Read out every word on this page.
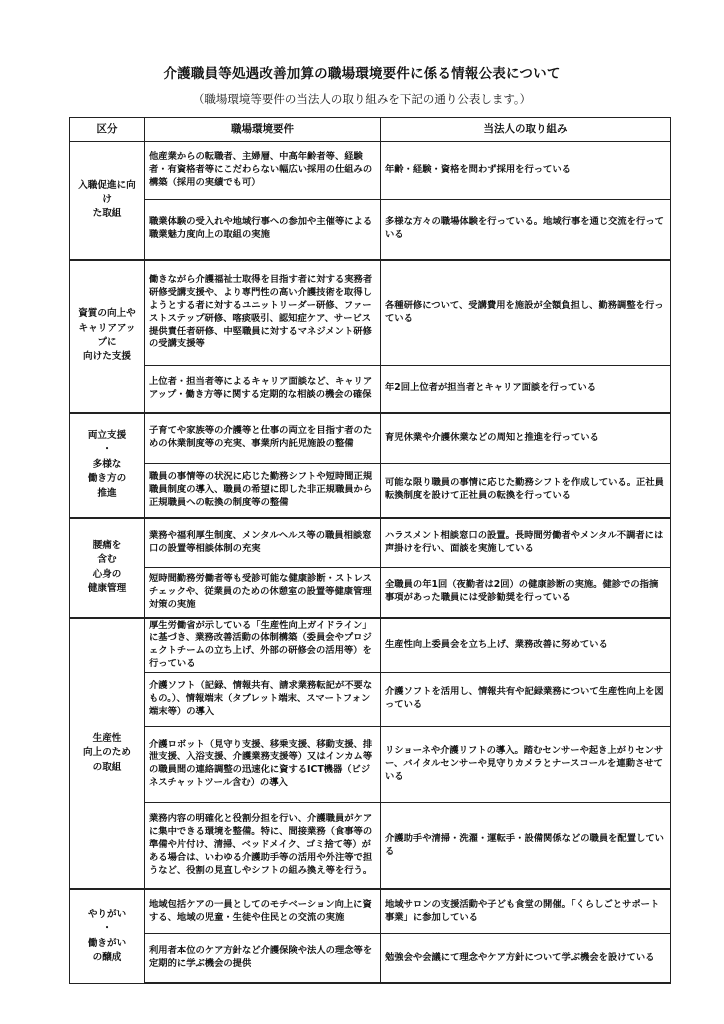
介護職員等処遇改善加算の職場環境要件に係る情報公表について
（職場環境等要件の当法人の取り組みを下記の通り公表します。）
区分	職場環境要件	当法人の取り組み

入職促進に向け
た取組	他産業からの転職者、主婦層、中高年齢者等、経験者・有資格者等にこだわらない幅広い採用の仕組みの構築（採用の実績でも可）	年齢・経験・資格を問わず採用を行っている
	職業体験の受入れや地域行事への参加や主催等による職業魅力度向上の取組の実施	多様な方々の職場体験を行っている。地域行事を通じ交流を行っている

資質の向上や
キャリアアップに
向けた支援	働きながら介護福祉士取得を目指す者に対する実務者研修受講支援や、より専門性の高い介護技術を取得しようとする者に対するユニットリーダー研修、ファーストステップ研修、喀痰吸引、認知症ケア、サービス提供責任者研修、中堅職員に対するマネジメント研修の受講支援等	各種研修について、受講費用を施設が全額負担し、勤務調整を行っている
	上位者・担当者等によるキャリア面談など、キャリアアップ・働き方等に関する定期的な相談の機会の確保	年2回上位者が担当者とキャリア面談を行っている

両立支援
・
多様な
働き方の
推進	子育てや家族等の介護等と仕事の両立を目指す者のための休業制度等の充実、事業所内託児施設の整備	育児休業や介護休業などの周知と推進を行っている
	職員の事情等の状況に応じた勤務シフトや短時間正規職員制度の導入、職員の希望に即した非正規職員から正規職員への転換の制度等の整備	可能な限り職員の事情に応じた勤務シフトを作成している。正社員転換制度を設けて正社員の転換を行っている

腰痛を
含む
心身の
健康管理	業務や福利厚生制度、メンタルヘルス等の職員相談窓口の設置等相談体制の充実	ハラスメント相談窓口の設置。長時間労働者やメンタル不調者には声掛けを行い、面談を実施している
	短時間勤務労働者等も受診可能な健康診断・ストレスチェックや、従業員のための休憩室の設置等健康管理対策の実施	全職員の年1回（夜勤者は2回）の健康診断の実施。健診での指摘事項があった職員には受診勧奨を行っている

生産性
向上のため
の取組	厚生労働省が示している「生産性向上ガイドライン」に基づき、業務改善活動の体制構築（委員会やプロジェクトチームの立ち上げ、外部の研修会の活用等）を行っている	生産性向上委員会を立ち上げ、業務改善に努めている
	介護ソフト（記録、情報共有、請求業務転記が不要なもの。）、情報端末（タブレット端末、スマートフォン端末等）の導入	介護ソフトを活用し、情報共有や記録業務について生産性向上を図っている
	介護ロボット（見守り支援、移乗支援、移動支援、排泄支援、入浴支援、介護業務支援等）又はインカム等の職員間の連絡調整の迅速化に資するICT機器（ビジネスチャットツール含む）の導入	リショーネや介護リフトの導入。踏むセンサーや起き上がりセンサー、バイタルセンサーや見守りカメラとナースコールを連動させている
	業務内容の明確化と役割分担を行い、介護職員がケアに集中できる環境を整備。特に、間接業務（食事等の準備や片付け、清掃、ベッドメイク、ゴミ捨て等）がある場合は、いわゆる介護助手等の活用や外注等で担うなど、役割の見直しやシフトの組み換え等を行う。	介護助手や清掃・洗濯・運転手・設備関係などの職員を配置している

やりがい
・
働きがい
の醸成	地域包括ケアの一員としてのモチベーション向上に資する、地域の児童・生徒や住民との交流の実施	地域サロンの支援活動や子ども食堂の開催。「くらしごとサポート事業」に参加している
	利用者本位のケア方針など介護保険や法人の理念等を定期的に学ぶ機会の提供	勉強会や会議にて理念やケア方針について学ぶ機会を設けている
